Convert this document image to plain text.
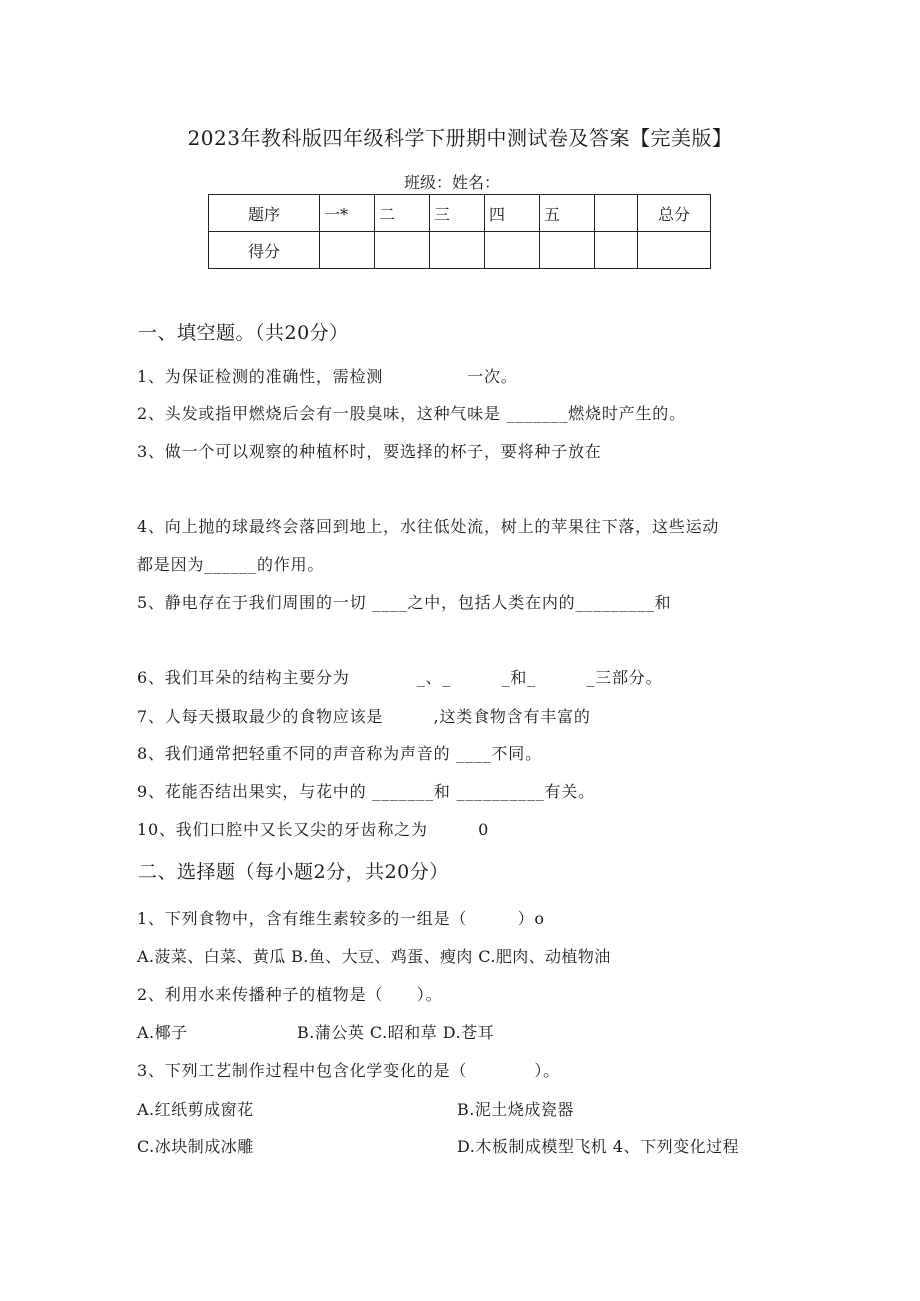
2023年教科版四年级科学下册期中测试卷及答案【完美版】
班级：姓名：
题序	一*	二	三	四	五		总分
得分							
一、填空题。（共20分）
1、为保证检测的准确性，需检测　　　　　一次。
2、头发或指甲燃烧后会有一股臭味，这种气味是 _______燃烧时产生的。
3、做一个可以观察的种植杯时，要选择的杯子，要将种子放在
4、向上抛的球最终会落回到地上，水往低处流，树上的苹果往下落，这些运动
都是因为______的作用。
5、静电存在于我们周围的一切 ____之中，包括人类在内的_________和
6、我们耳朵的结构主要分为　　　　_、_　　　_和_　　　_三部分。
7、人每天摄取最少的食物应该是　　　,这类食物含有丰富的
8、我们通常把轻重不同的声音称为声音的 ____不同。
9、花能否结出果实，与花中的 _______和 __________有关。
10、我们口腔中又长又尖的牙齿称之为　　　0
二、选择题（每小题2分，共20分）
1、下列食物中，含有维生素较多的一组是（　　　）o
A.菠菜、白菜、黄瓜 B.鱼、大豆、鸡蛋、瘦肉 C.肥肉、动植物油
2、利用水来传播种子的植物是（　　）。
A.椰子	B.蒲公英 C.昭和草 D.苍耳
3、下列工艺制作过程中包含化学变化的是（　　　　）。
A.红纸剪成窗花	B.泥土烧成瓷器
C.冰块制成冰雕	D.木板制成模型飞机 4、下列变化过程
